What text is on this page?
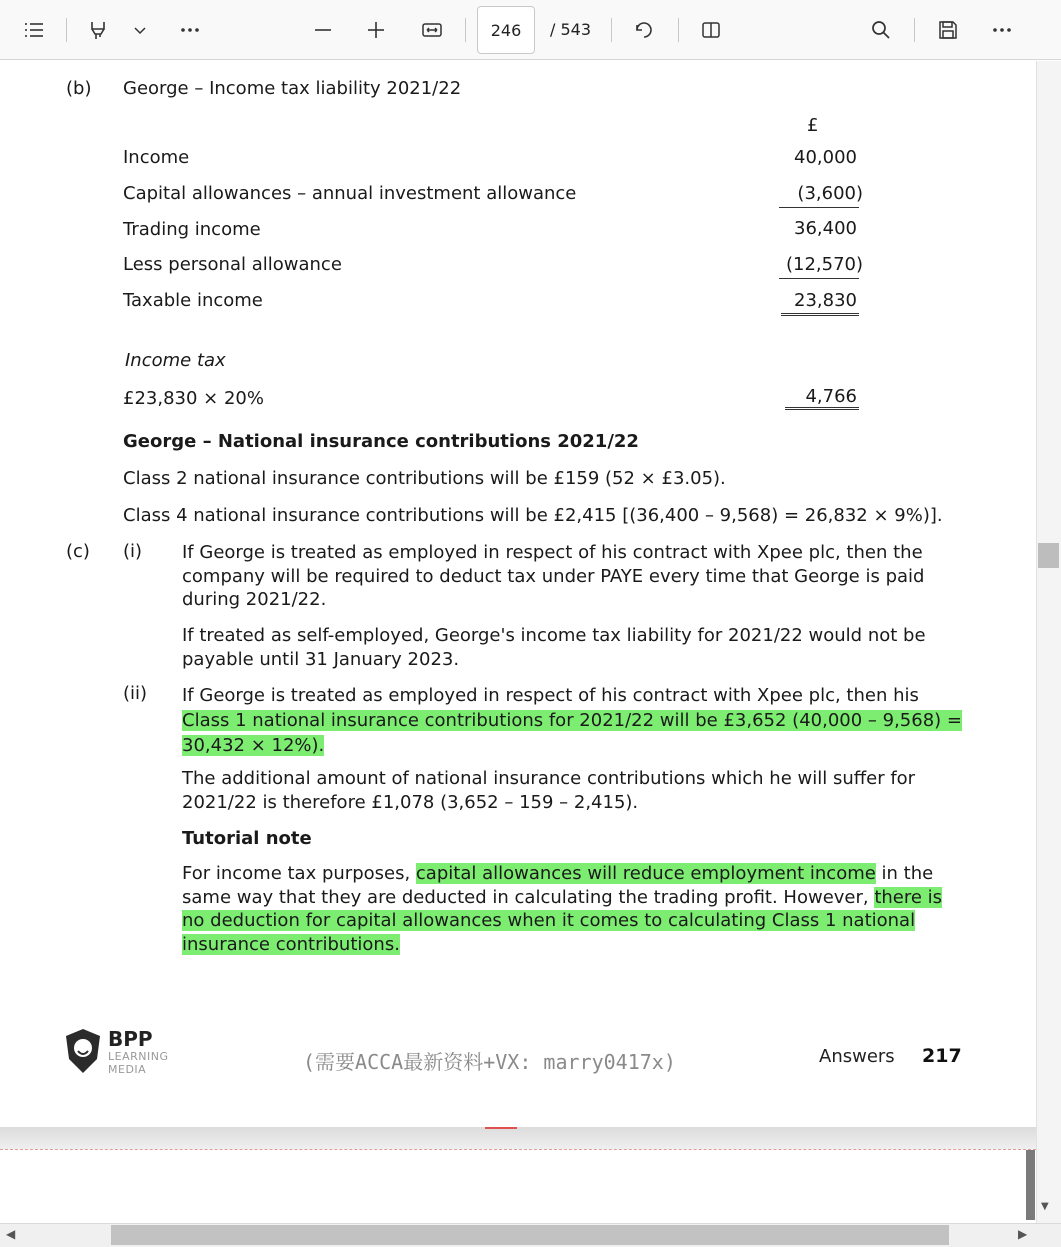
246
/ 543
(b) George – Income tax liability 2021/22
£
Income	40,000
Capital allowances – annual investment allowance	(3,600)
Trading income	36,400
Less personal allowance	(12,570)
Taxable income	23,830
Income tax
£23,830 × 20%	4,766
George – National insurance contributions 2021/22
Class 2 national insurance contributions will be £159 (52 × £3.05).
Class 4 national insurance contributions will be £2,415 [(36,400 – 9,568) = 26,832 × 9%)].
(c) (i) If George is treated as employed in respect of his contract with Xpee plc, then the company will be required to deduct tax under PAYE every time that George is paid during 2021/22.

If treated as self-employed, George's income tax liability for 2021/22 would not be payable until 31 January 2023.

(ii) If George is treated as employed in respect of his contract with Xpee plc, then his Class 1 national insurance contributions for 2021/22 will be £3,652 (40,000 – 9,568) = 30,432 × 12%).

The additional amount of national insurance contributions which he will suffer for 2021/22 is therefore £1,078 (3,652 – 159 – 2,415).

Tutorial note

For income tax purposes, capital allowances will reduce employment income in the same way that they are deducted in calculating the trading profit. However, there is no deduction for capital allowances when it comes to calculating Class 1 national insurance contributions.

BPP
LEARNING MEDIA	(需要ACCA最新资料+VX: marry0417x)	Answers 217
▼
◀	▶
